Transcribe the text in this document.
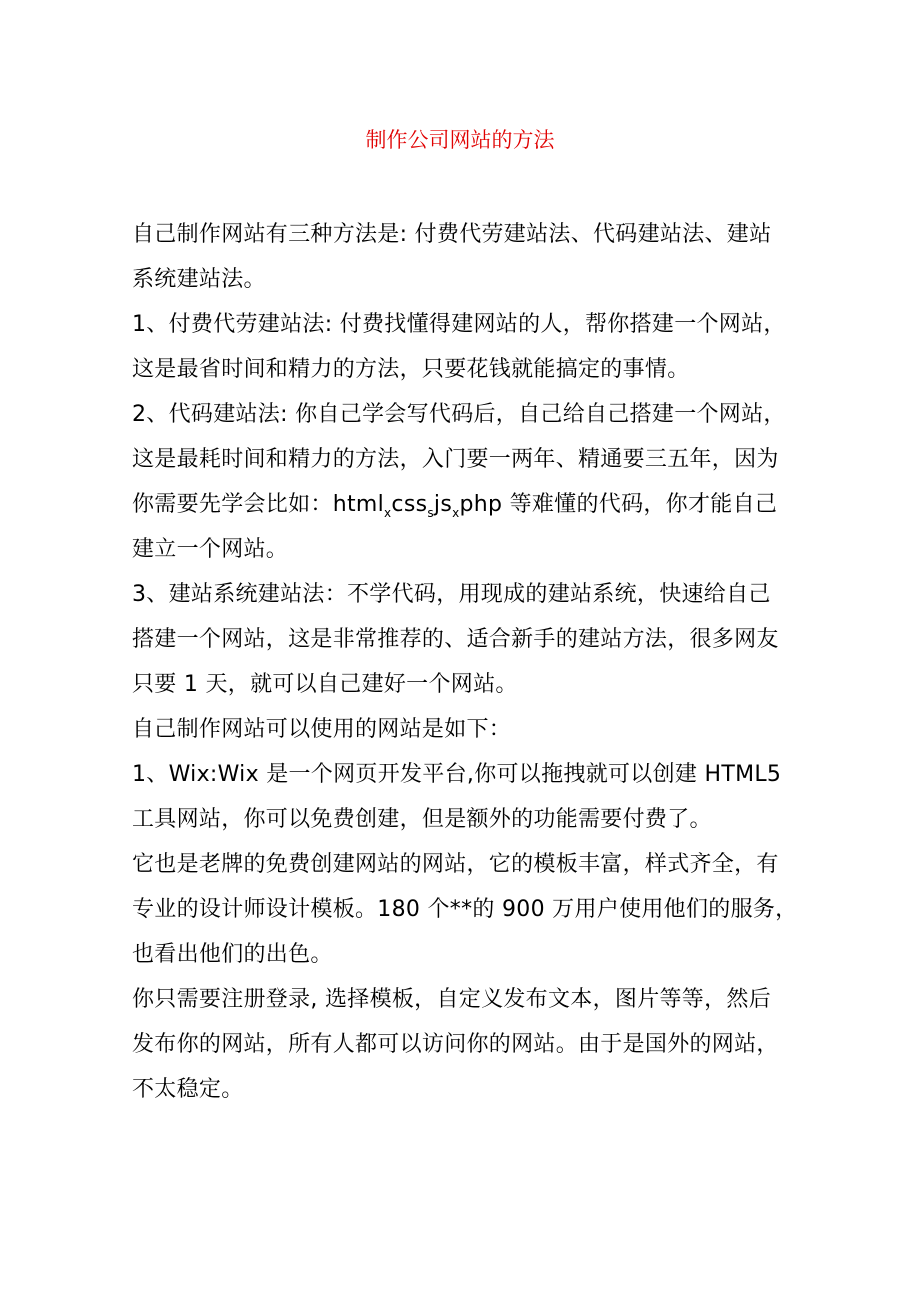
制作公司网站的方法

自己制作网站有三种方法是: 付费代劳建站法、代码建站法、建站
系统建站法。

1、付费代劳建站法: 付费找懂得建网站的人，帮你搭建一个网站，
这是最省时间和精力的方法，只要花钱就能搞定的事情。

2、代码建站法: 你自己学会写代码后，自己给自己搭建一个网站，
这是最耗时间和精力的方法，入门要一两年、精通要三五年，因为
你需要先学会比如：$html_xcss_sjs_xphp$ 等难懂的代码，你才能自己
建立一个网站。

3、建站系统建站法：不学代码，用现成的建站系统，快速给自己
搭建一个网站，这是非常推荐的、适合新手的建站方法，很多网友
只要 1 天，就可以自己建好一个网站。

自己制作网站可以使用的网站是如下：

1、Wix:Wix 是一个网页开发平台,你可以拖拽就可以创建 HTML5
工具网站，你可以免费创建，但是额外的功能需要付费了。

它也是老牌的免费创建网站的网站，它的模板丰富，样式齐全，有
专业的设计师设计模板。180 个**的 900 万用户使用他们的服务，
也看出他们的出色。

你只需要注册登录, 选择模板，自定义发布文本，图片等等，然后
发布你的网站，所有人都可以访问你的网站。由于是国外的网站，
不太稳定。
